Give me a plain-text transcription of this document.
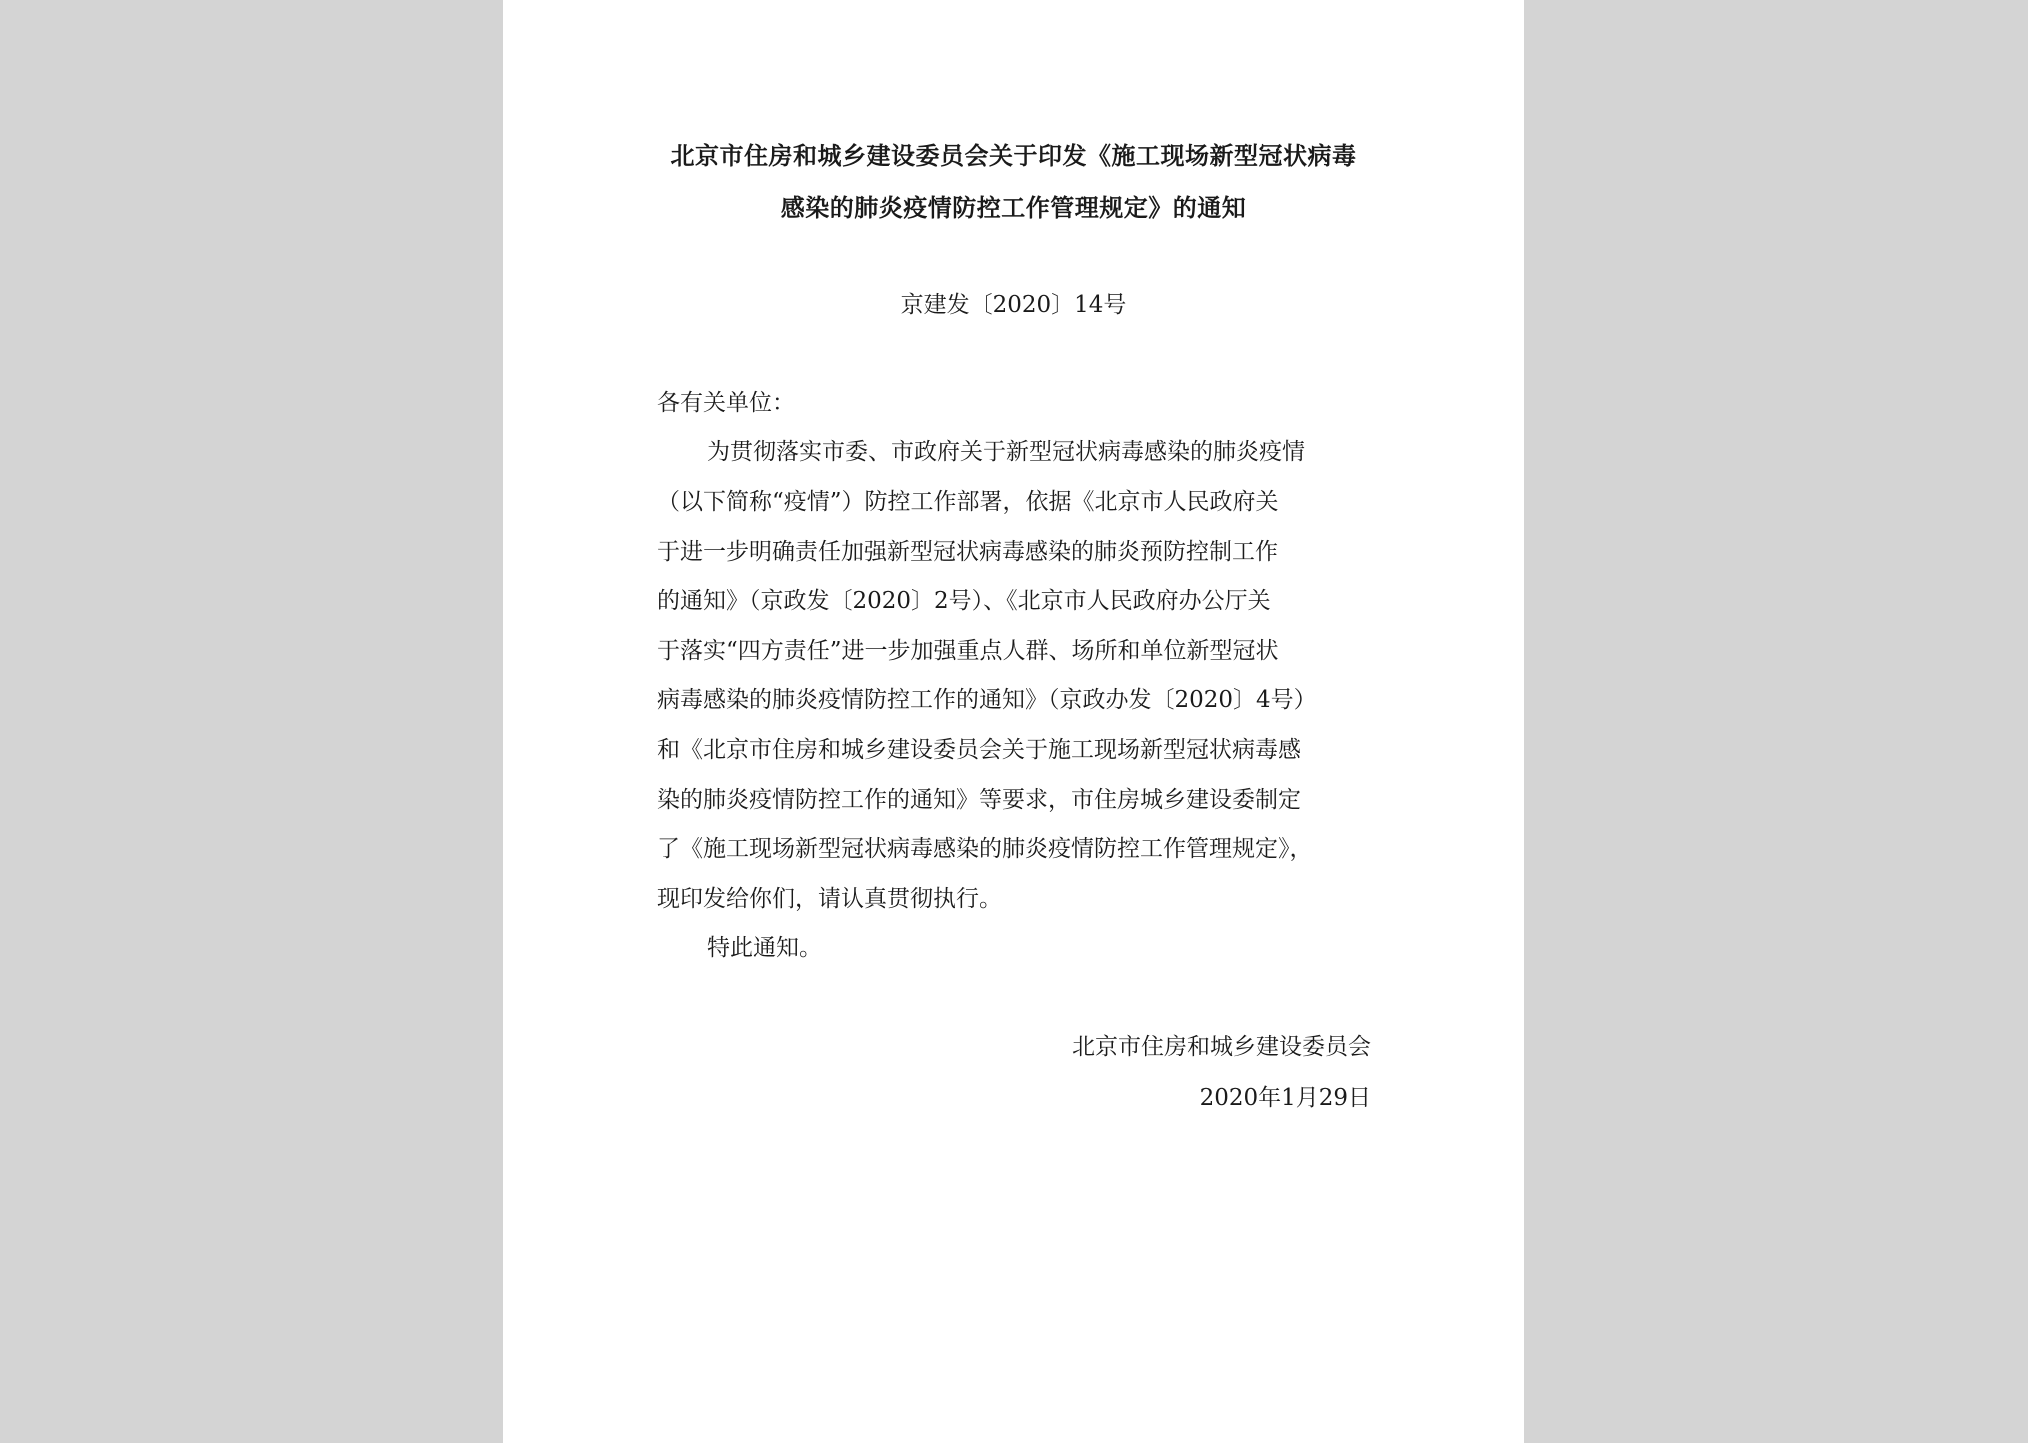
北京市住房和城乡建设委员会关于印发《施工现场新型冠状病毒
感染的肺炎疫情防控工作管理规定》的通知
京建发〔2020〕14号
各有关单位：
为贯彻落实市委、市政府关于新型冠状病毒感染的肺炎疫情
（以下简称“疫情”）防控工作部署，依据《北京市人民政府关
于进一步明确责任加强新型冠状病毒感染的肺炎预防控制工作
的通知》（京政发〔2020〕2号）、《北京市人民政府办公厅关
于落实“四方责任”进一步加强重点人群、场所和单位新型冠状
病毒感染的肺炎疫情防控工作的通知》（京政办发〔2020〕4号）
和《北京市住房和城乡建设委员会关于施工现场新型冠状病毒感
染的肺炎疫情防控工作的通知》等要求，市住房城乡建设委制定
了《施工现场新型冠状病毒感染的肺炎疫情防控工作管理规定》，
现印发给你们，请认真贯彻执行。
特此通知。
北京市住房和城乡建设委员会
2020年1月29日
